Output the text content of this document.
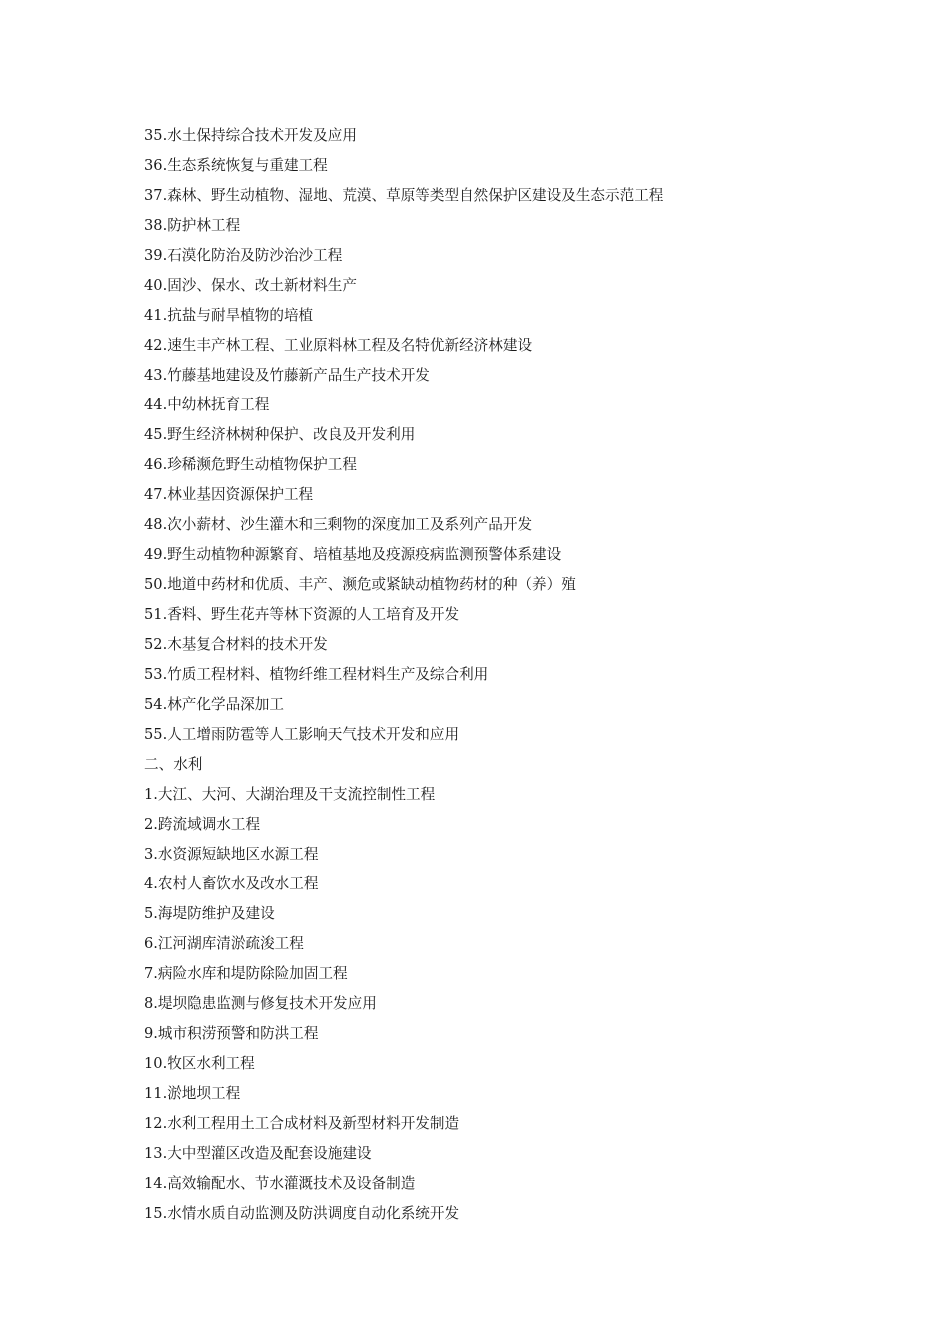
35.水土保持综合技术开发及应用
36.生态系统恢复与重建工程
37.森林、野生动植物、湿地、荒漠、草原等类型自然保护区建设及生态示范工程
38.防护林工程
39.石漠化防治及防沙治沙工程
40.固沙、保水、改土新材料生产
41.抗盐与耐旱植物的培植
42.速生丰产林工程、工业原料林工程及名特优新经济林建设
43.竹藤基地建设及竹藤新产品生产技术开发
44.中幼林抚育工程
45.野生经济林树种保护、改良及开发利用
46.珍稀濒危野生动植物保护工程
47.林业基因资源保护工程
48.次小薪材、沙生灌木和三剩物的深度加工及系列产品开发
49.野生动植物种源繁育、培植基地及疫源疫病监测预警体系建设
50.地道中药材和优质、丰产、濒危或紧缺动植物药材的种（养）殖
51.香料、野生花卉等林下资源的人工培育及开发
52.木基复合材料的技术开发
53.竹质工程材料、植物纤维工程材料生产及综合利用
54.林产化学品深加工
55.人工增雨防雹等人工影响天气技术开发和应用
二、水利
1.大江、大河、大湖治理及干支流控制性工程
2.跨流域调水工程
3.水资源短缺地区水源工程
4.农村人畜饮水及改水工程
5.海堤防维护及建设
6.江河湖库清淤疏浚工程
7.病险水库和堤防除险加固工程
8.堤坝隐患监测与修复技术开发应用
9.城市积涝预警和防洪工程
10.牧区水利工程
11.淤地坝工程
12.水利工程用土工合成材料及新型材料开发制造
13.大中型灌区改造及配套设施建设
14.高效输配水、节水灌溉技术及设备制造
15.水情水质自动监测及防洪调度自动化系统开发
